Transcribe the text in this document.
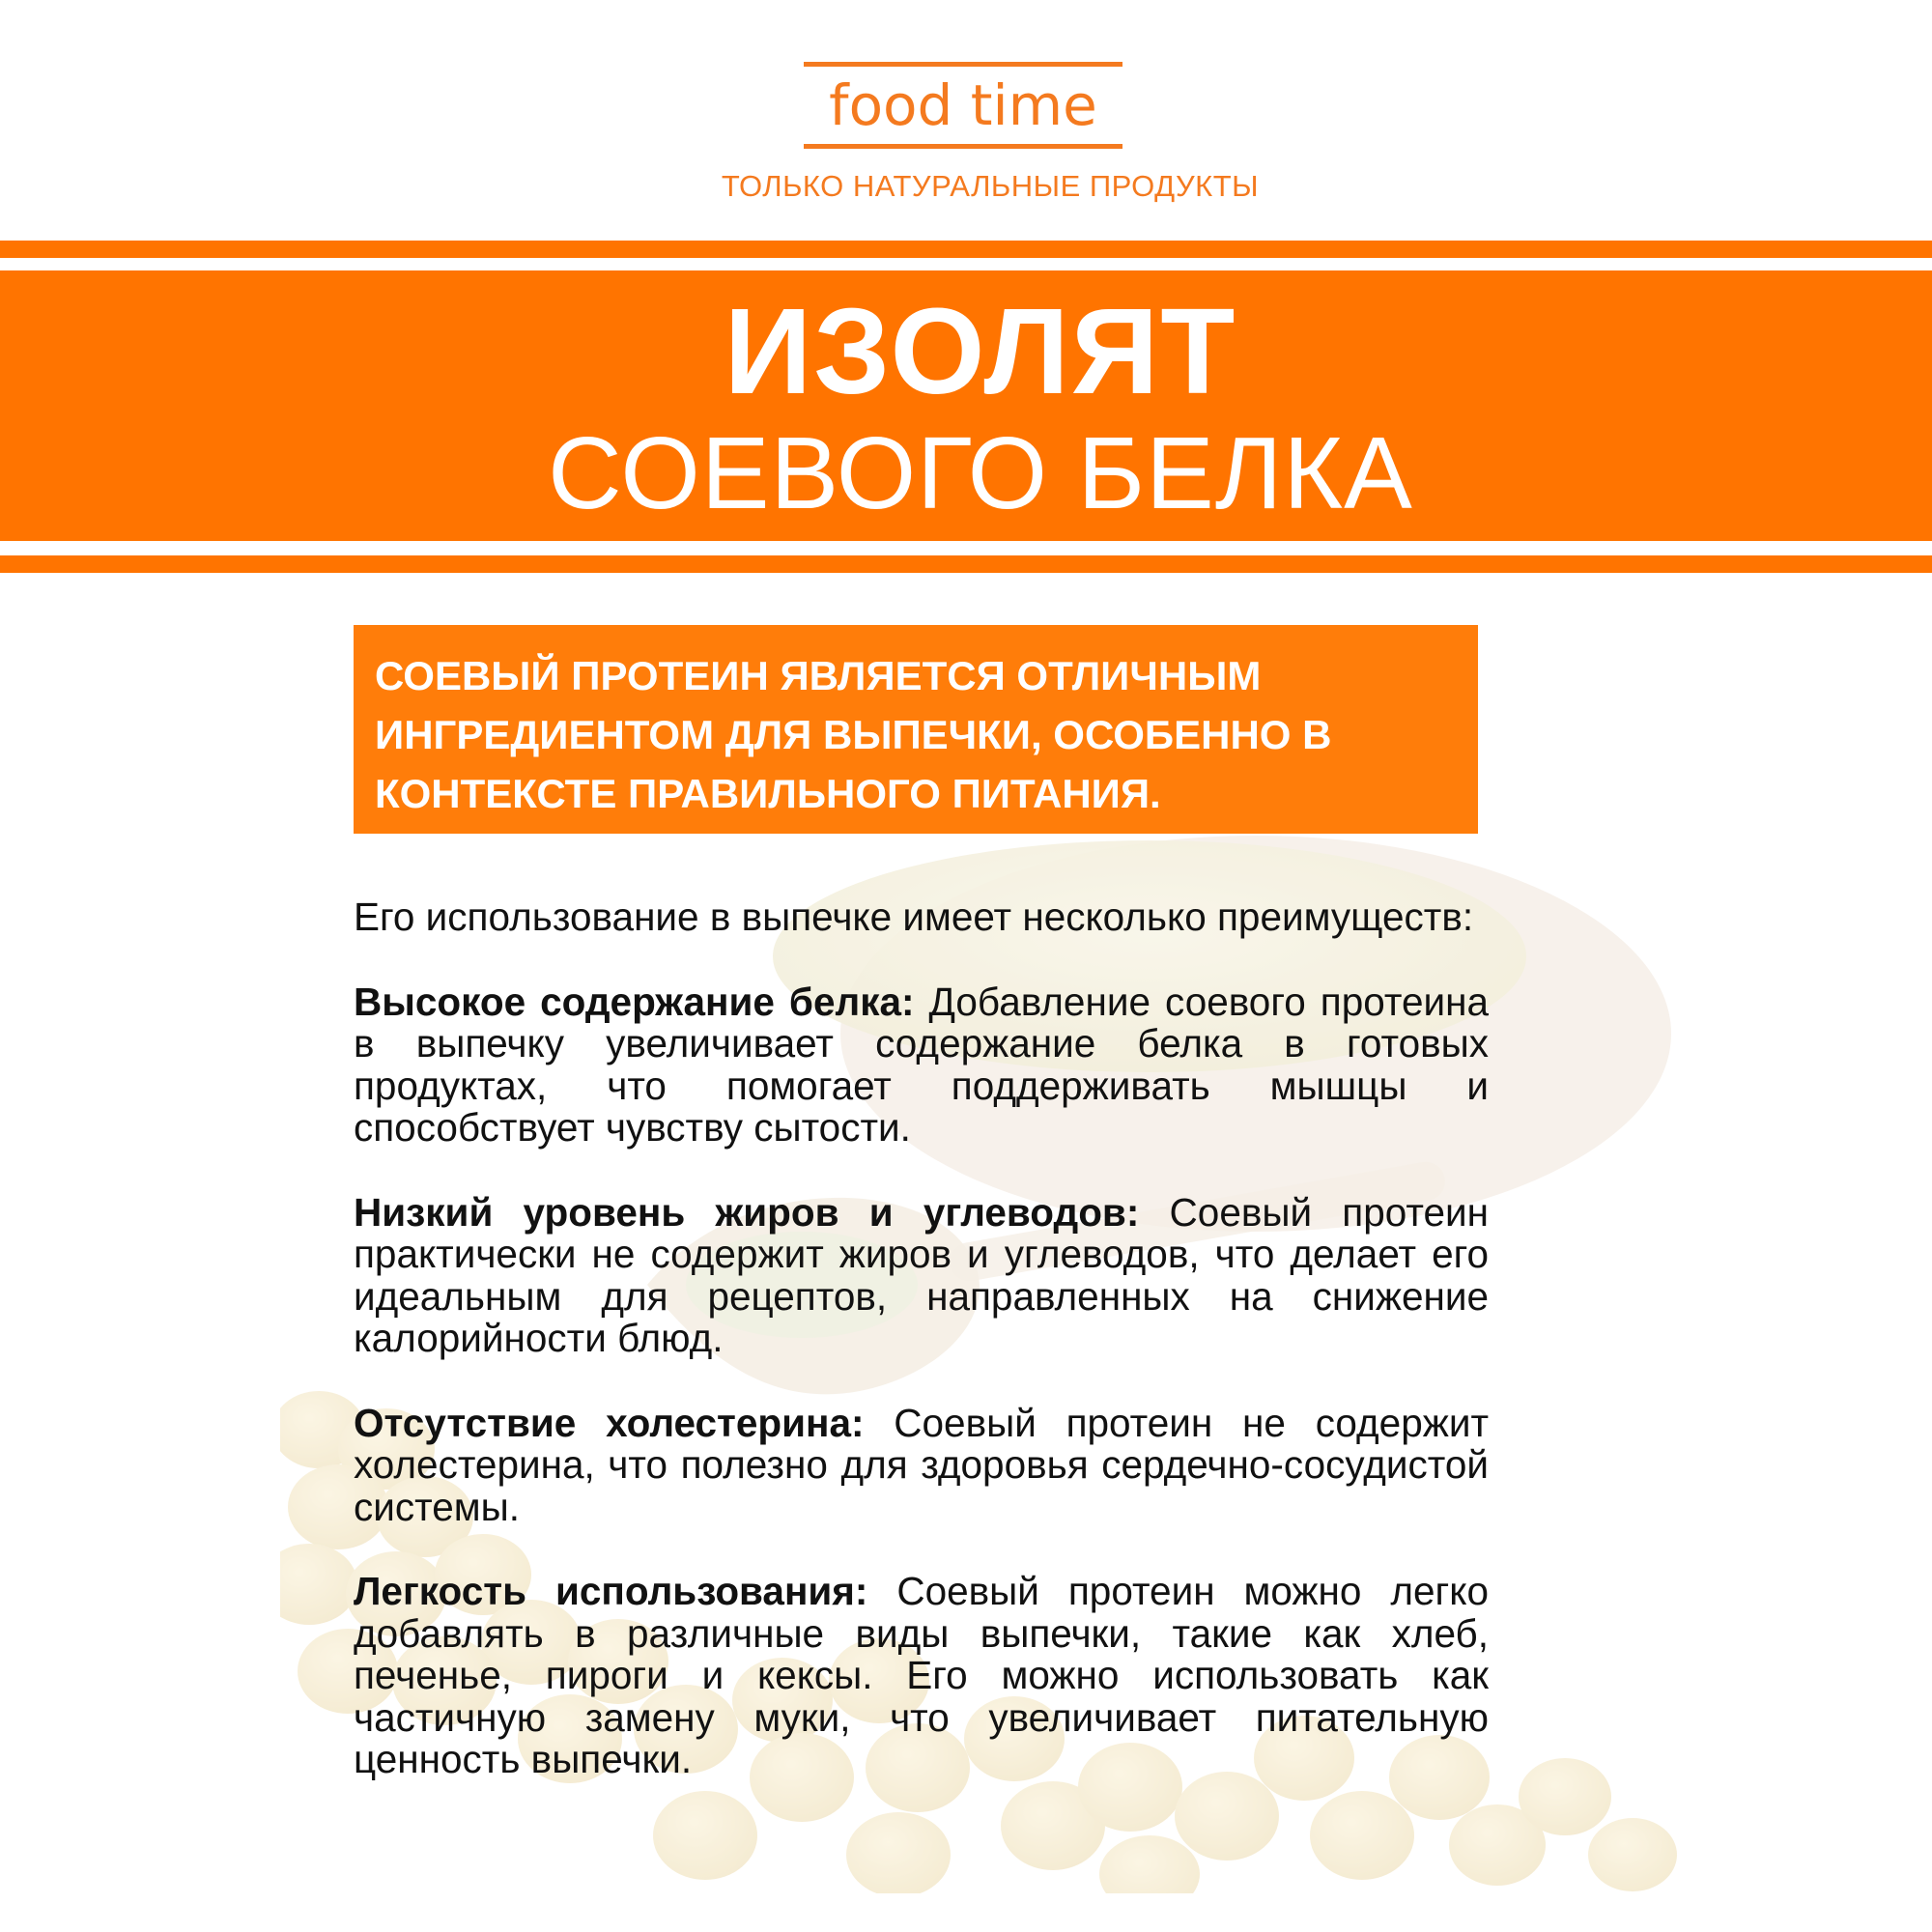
food time
ТОЛЬКО НАТУРАЛЬНЫЕ ПРОДУКТЫ
ИЗОЛЯТ
СОЕВОГО БЕЛКА
СОЕВЫЙ ПРОТЕИН ЯВЛЯЕТСЯ ОТЛИЧНЫМ ИНГРЕДИЕНТОМ ДЛЯ ВЫПЕЧКИ, ОСОБЕННО В КОНТЕКСТЕ ПРАВИЛЬНОГО ПИТАНИЯ.

Его использование в выпечке имеет несколько преимуществ:

Высокое содержание белка: Добавление соевого протеина в выпечку увеличивает содержание белка в готовых продуктах, что помогает поддерживать мышцы и способствует чувству сытости.

Низкий уровень жиров и углеводов: Соевый протеин практически не содержит жиров и углеводов, что делает его идеальным для рецептов, направленных на снижение калорийности блюд.

Отсутствие холестерина: Соевый протеин не содержит холестерина, что полезно для здоровья сердечно-сосудистой системы.

Легкость использования: Соевый протеин можно легко добавлять в различные виды выпечки, такие как хлеб, печенье, пироги и кексы. Его можно использовать как частичную замену муки, что увеличивает питательную ценность выпечки.
